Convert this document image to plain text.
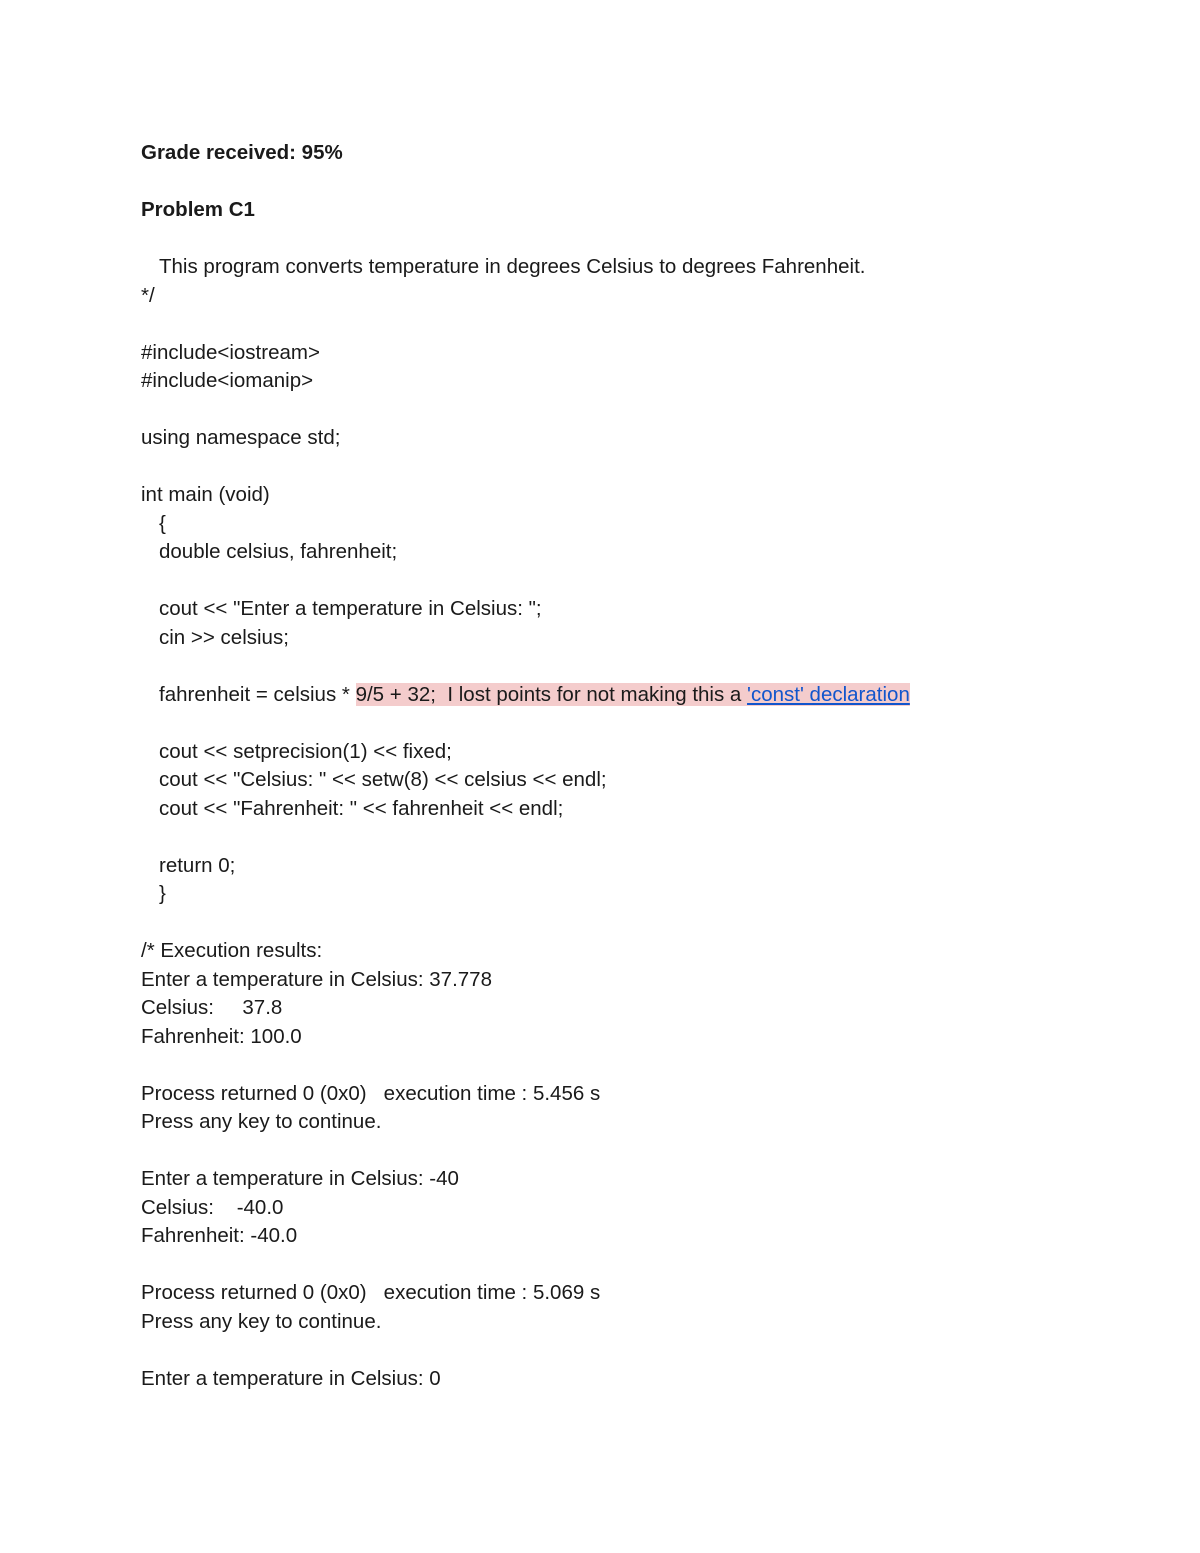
Grade received: 95%
Problem C1
This program converts temperature in degrees Celsius to degrees Fahrenheit.
*/
#include<iostream>
#include<iomanip>
using namespace std;
int main (void)
{
double celsius, fahrenheit;
cout << "Enter a temperature in Celsius: ";
cin >> celsius;
fahrenheit = celsius * 9/5 + 32; I lost points for not making this a 'const' declaration
cout << setprecision(1) << fixed;
cout << "Celsius: " << setw(8) << celsius << endl;
cout << "Fahrenheit: " << fahrenheit << endl;
return 0;
}
/* Execution results:
Enter a temperature in Celsius: 37.778
Celsius:     37.8
Fahrenheit: 100.0
Process returned 0 (0x0)   execution time : 5.456 s
Press any key to continue.
Enter a temperature in Celsius: -40
Celsius:    -40.0
Fahrenheit: -40.0
Process returned 0 (0x0)   execution time : 5.069 s
Press any key to continue.
Enter a temperature in Celsius: 0
